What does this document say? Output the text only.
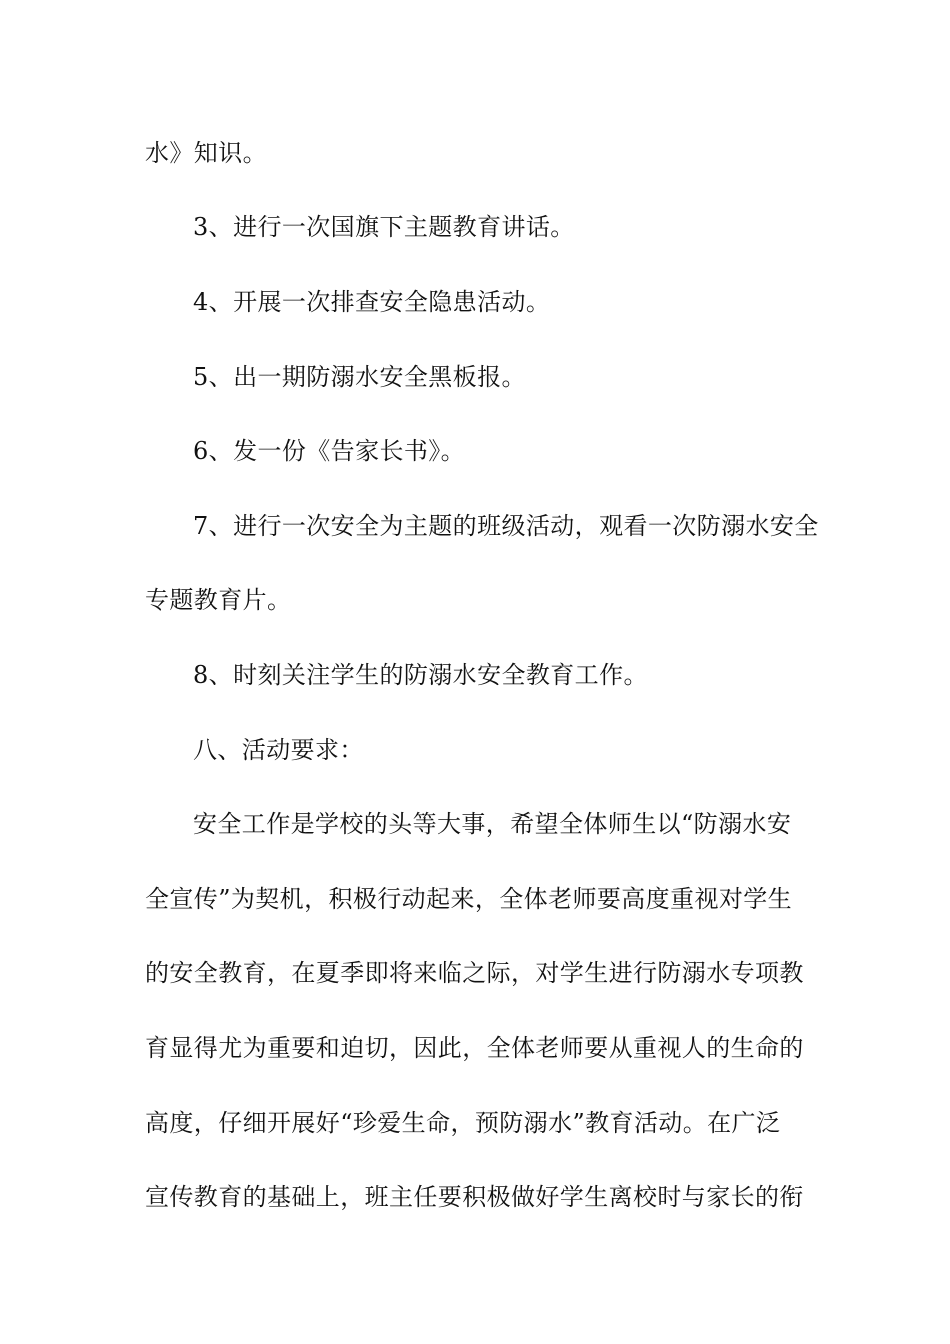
水》知识。

3、进行一次国旗下主题教育讲话。

4、开展一次排查安全隐患活动。

5、出一期防溺水安全黑板报。

6、发一份《告家长书》。

7、进行一次安全为主题的班级活动，观看一次防溺水安全

专题教育片。

8、时刻关注学生的防溺水安全教育工作。

八、活动要求：

安全工作是学校的头等大事，希望全体师生以“防溺水安

全宣传”为契机，积极行动起来，全体老师要高度重视对学生

的安全教育，在夏季即将来临之际，对学生进行防溺水专项教

育显得尤为重要和迫切，因此，全体老师要从重视人的生命的

高度，仔细开展好“珍爱生命，预防溺水”教育活动。在广泛

宣传教育的基础上，班主任要积极做好学生离校时与家长的衔
